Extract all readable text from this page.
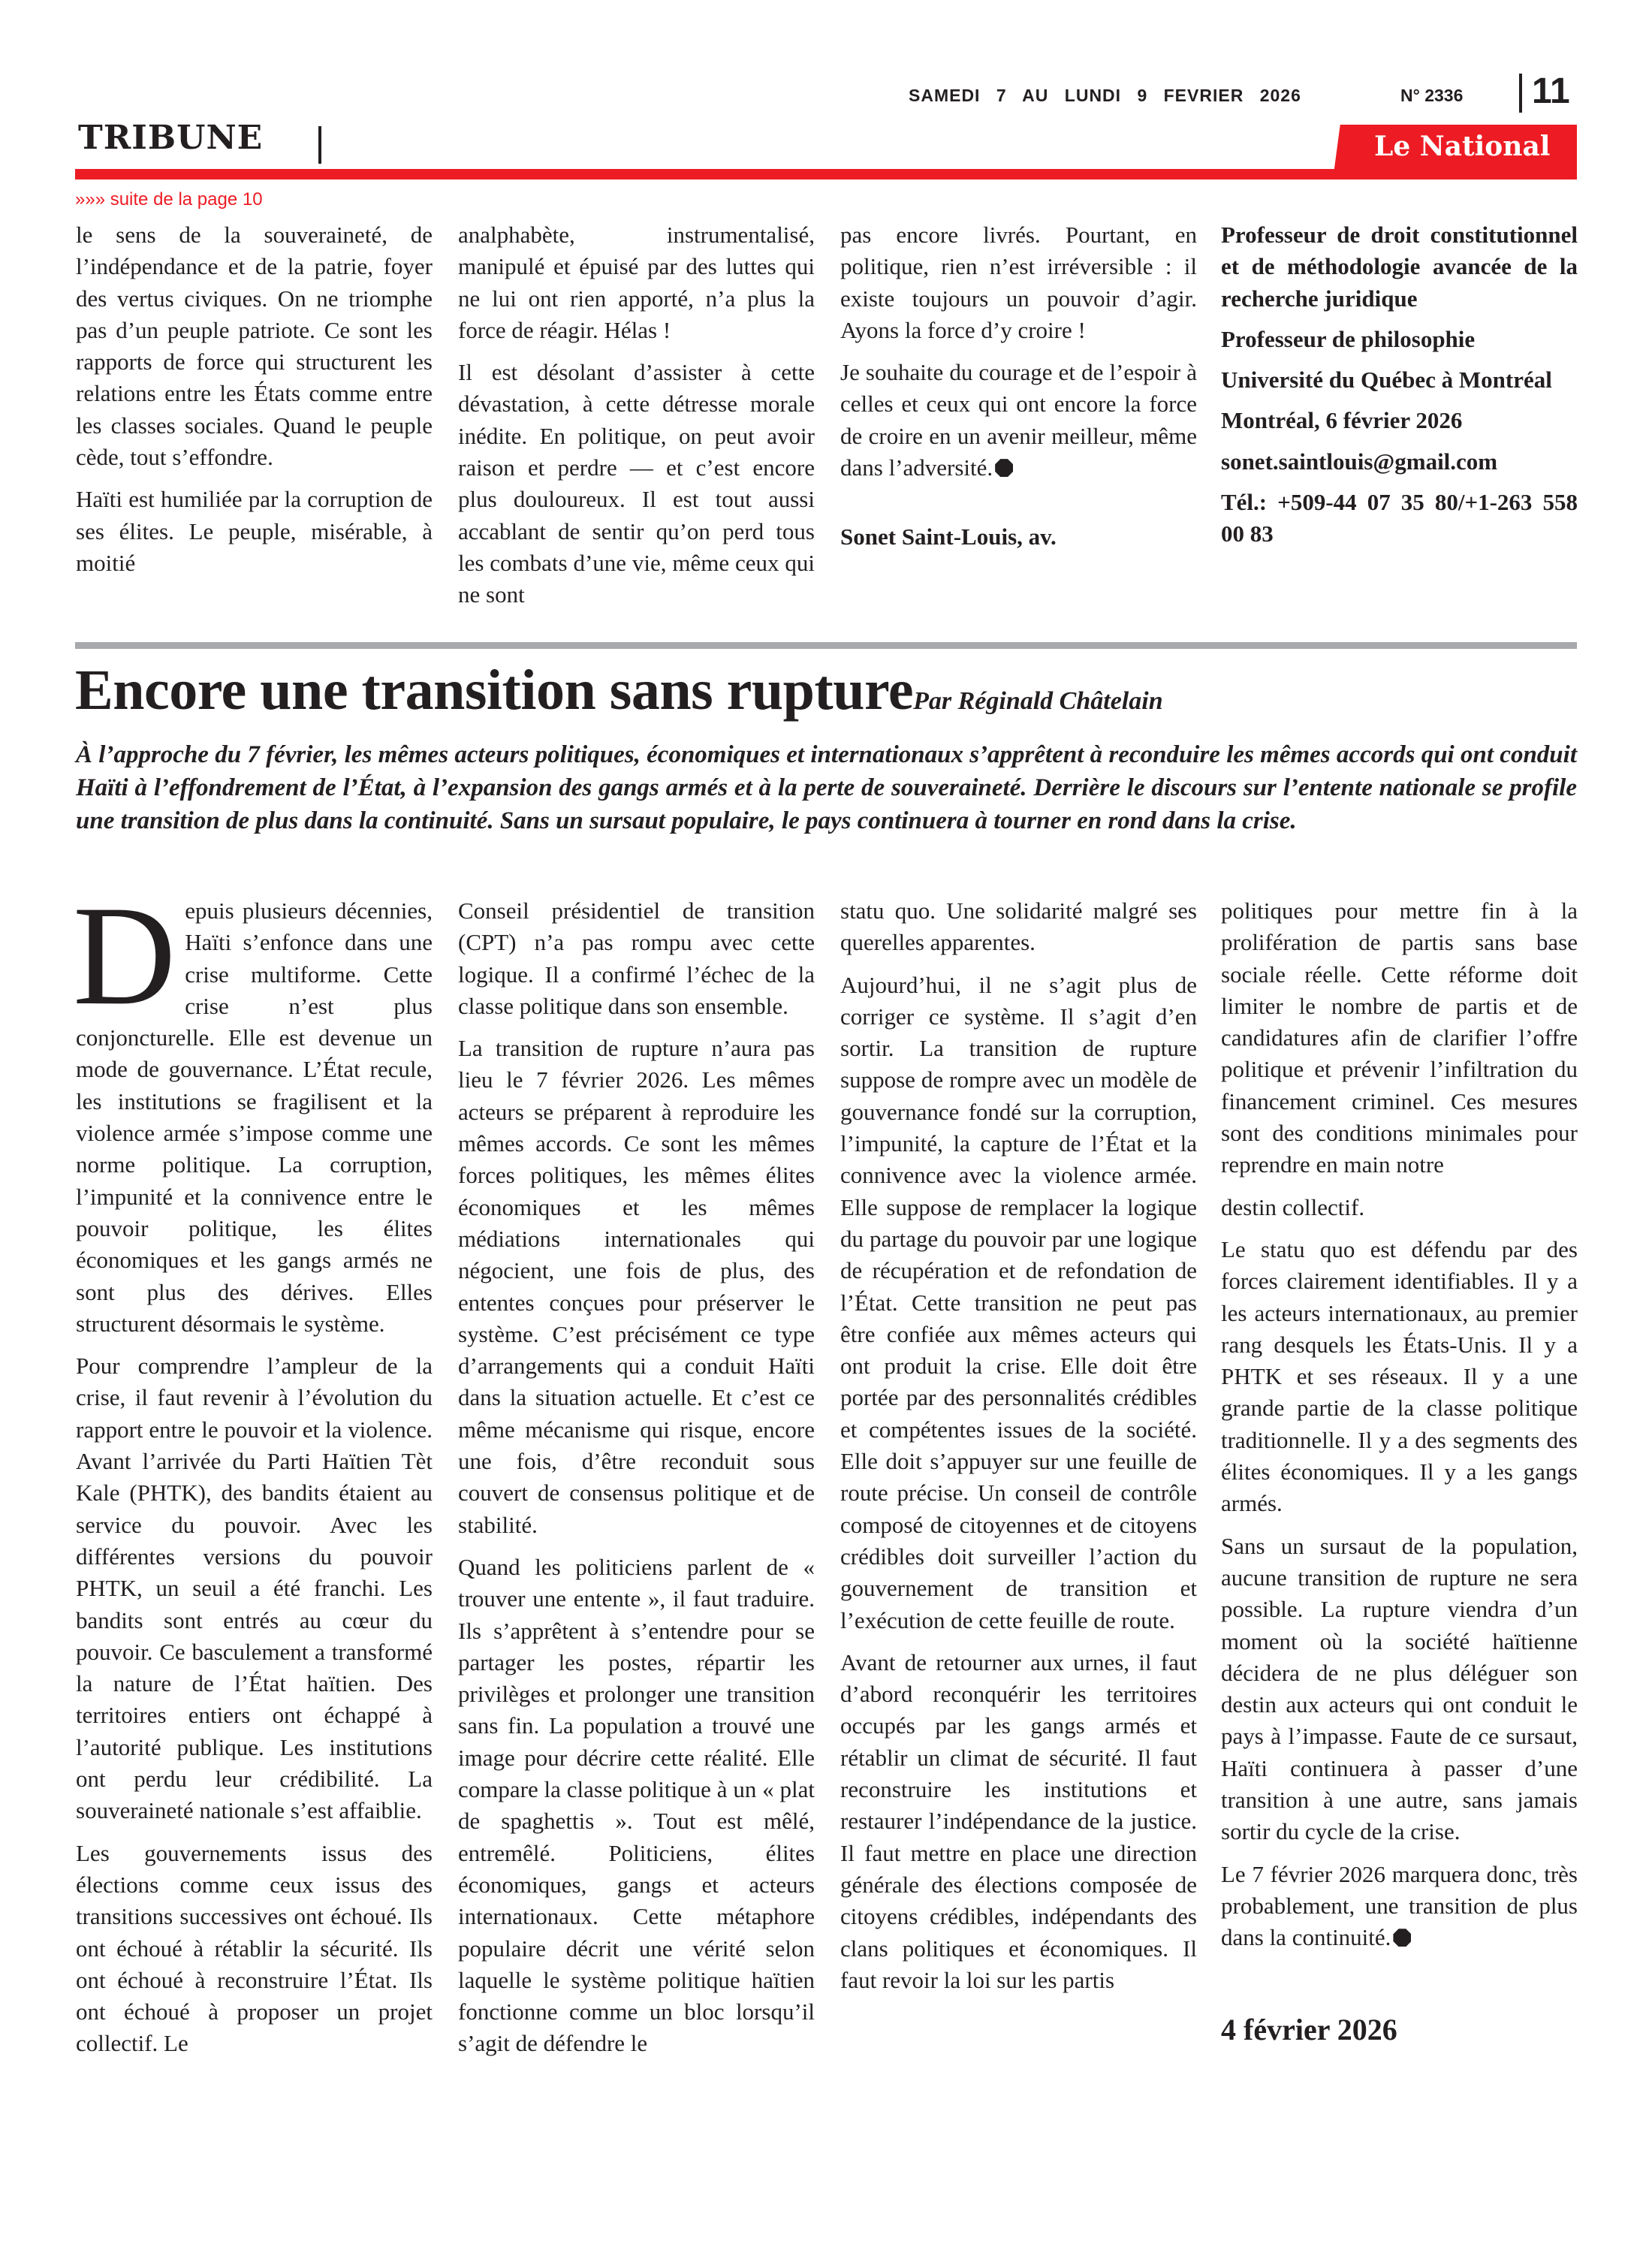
SAMEDI 7 AU LUNDI 9 FEVRIER 2026	N° 2336 11
TRIBUNE	Le National
»»» suite de la page 10

le sens de la souveraineté, de l’indépendance et de la patrie, foyer des vertus civiques. On ne triomphe pas d’un peuple patriote. Ce sont les rapports de force qui structurent les relations entre les États comme entre les classes sociales. Quand le peuple cède, tout s’effondre.

Haïti est humiliée par la corruption de ses élites. Le peuple, misérable, à moitié

analphabète, instrumentalisé, manipulé et épuisé par des luttes qui ne lui ont rien apporté, n’a plus la force de réagir. Hélas !

Il est désolant d’assister à cette dévastation, à cette détresse morale inédite. En politique, on peut avoir raison et perdre — et c’est encore plus douloureux. Il est tout aussi accablant de sentir qu’on perd tous les combats d’une vie, même ceux qui ne sont

pas encore livrés. Pourtant, en politique, rien n’est irréversible : il existe toujours un pouvoir d’agir. Ayons la force d’y croire !

Je souhaite du courage et de l’espoir à celles et ceux qui ont encore la force de croire en un avenir meilleur, même dans l’adversité.

Sonet Saint-Louis, av.

Professeur de droit constitutionnel et de méthodologie avancée de la recherche juridique

Professeur de philosophie

Université du Québec à Montréal

Montréal, 6 février 2026

sonet.saintlouis@gmail.com

Tél.: +509-44 07 35 80/+1-263 558 00 83

Encore une transition sans rupturePar Réginald Châtelain
À l’approche du 7 février, les mêmes acteurs politiques, économiques et internationaux s’apprêtent à reconduire les mêmes accords qui ont conduit Haïti à l’effondrement de l’État, à l’expansion des gangs armés et à la perte de souveraineté. Derrière le discours sur l’entente nationale se profile une transition de plus dans la continuité. Sans un sursaut populaire, le pays continuera à tourner en rond dans la crise.

Depuis plusieurs décennies, Haïti s’enfonce dans une crise multiforme. Cette crise n’est plus conjoncturelle. Elle est devenue un mode de gouvernance. L’État recule, les institutions se fragilisent et la violence armée s’impose comme une norme politique. La corruption, l’impunité et la connivence entre le pouvoir politique, les élites économiques et les gangs armés ne sont plus des dérives. Elles structurent désormais le système.

Pour comprendre l’ampleur de la crise, il faut revenir à l’évolution du rapport entre le pouvoir et la violence. Avant l’arrivée du Parti Haïtien Tèt Kale (PHTK), des bandits étaient au service du pouvoir. Avec les différentes versions du pouvoir PHTK, un seuil a été franchi. Les bandits sont entrés au cœur du pouvoir. Ce basculement a transformé la nature de l’État haïtien. Des territoires entiers ont échappé à l’autorité publique. Les institutions ont perdu leur crédibilité. La souveraineté nationale s’est affaiblie.

Les gouvernements issus des élections comme ceux issus des transitions successives ont échoué. Ils ont échoué à rétablir la sécurité. Ils ont échoué à reconstruire l’État. Ils ont échoué à proposer un projet collectif. Le

Conseil présidentiel de transition (CPT) n’a pas rompu avec cette logique. Il a confirmé l’échec de la classe politique dans son ensemble.

La transition de rupture n’aura pas lieu le 7 février 2026. Les mêmes acteurs se préparent à reproduire les mêmes accords. Ce sont les mêmes forces politiques, les mêmes élites économiques et les mêmes médiations internationales qui négocient, une fois de plus, des ententes conçues pour préserver le système. C’est précisément ce type d’arrangements qui a conduit Haïti dans la situation actuelle. Et c’est ce même mécanisme qui risque, encore une fois, d’être reconduit sous couvert de consensus politique et de stabilité.

Quand les politiciens parlent de « trouver une entente », il faut traduire. Ils s’apprêtent à s’entendre pour se partager les postes, répartir les privilèges et prolonger une transition sans fin. La population a trouvé une image pour décrire cette réalité. Elle compare la classe politique à un « plat de spaghettis ». Tout est mêlé, entremêlé. Politiciens, élites économiques, gangs et acteurs internationaux. Cette métaphore populaire décrit une vérité selon laquelle le système politique haïtien fonctionne comme un bloc lorsqu’il s’agit de défendre le

statu quo. Une solidarité malgré ses querelles apparentes.

Aujourd’hui, il ne s’agit plus de corriger ce système. Il s’agit d’en sortir. La transition de rupture suppose de rompre avec un modèle de gouvernance fondé sur la corruption, l’impunité, la capture de l’État et la connivence avec la violence armée. Elle suppose de remplacer la logique du partage du pouvoir par une logique de récupération et de refondation de l’État. Cette transition ne peut pas être confiée aux mêmes acteurs qui ont produit la crise. Elle doit être portée par des personnalités crédibles et compétentes issues de la société. Elle doit s’appuyer sur une feuille de route précise. Un conseil de contrôle composé de citoyennes et de citoyens crédibles doit surveiller l’action du gouvernement de transition et l’exécution de cette feuille de route.

Avant de retourner aux urnes, il faut d’abord reconquérir les territoires occupés par les gangs armés et rétablir un climat de sécurité. Il faut reconstruire les institutions et restaurer l’indépendance de la justice. Il faut mettre en place une direction générale des élections composée de citoyens crédibles, indépendants des clans politiques et économiques. Il faut revoir la loi sur les partis

politiques pour mettre fin à la prolifération de partis sans base sociale réelle. Cette réforme doit limiter le nombre de partis et de candidatures afin de clarifier l’offre politique et prévenir l’infiltration du financement criminel. Ces mesures sont des conditions minimales pour reprendre en main notre

destin collectif.

Le statu quo est défendu par des forces clairement identifiables. Il y a les acteurs internationaux, au premier rang desquels les États-Unis. Il y a PHTK et ses réseaux. Il y a une grande partie de la classe politique traditionnelle. Il y a des segments des élites économiques. Il y a les gangs armés.

Sans un sursaut de la population, aucune transition de rupture ne sera possible. La rupture viendra d’un moment où la société haïtienne décidera de ne plus déléguer son destin aux acteurs qui ont conduit le pays à l’impasse. Faute de ce sursaut, Haïti continuera à passer d’une transition à une autre, sans jamais sortir du cycle de la crise.

Le 7 février 2026 marquera donc, très probablement, une transition de plus dans la continuité.

4 février 2026
